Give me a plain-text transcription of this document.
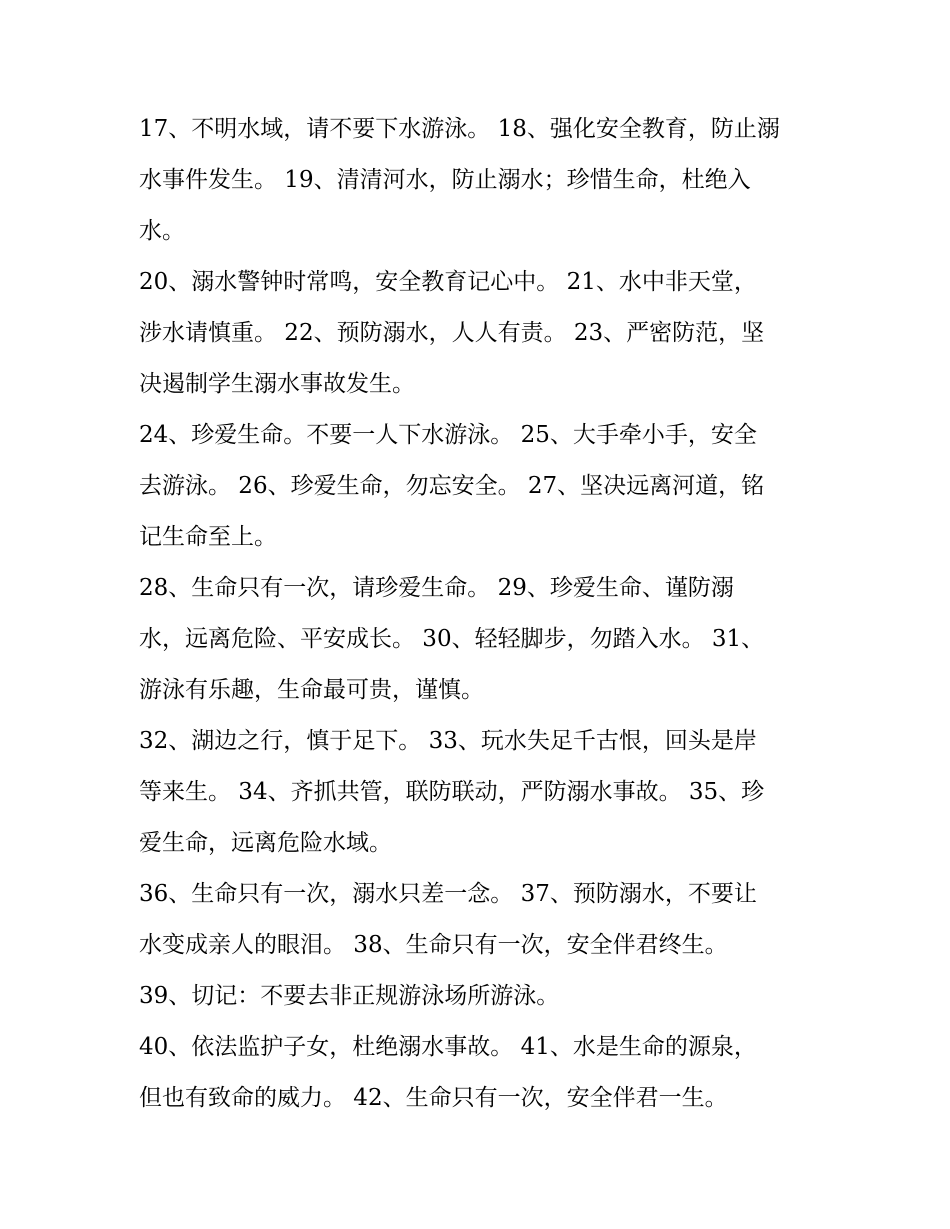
17、不明水域，请不要下水游泳。 18、强化安全教育，防止溺
水事件发生。 19、清清河水，防止溺水；珍惜生命，杜绝入
水。

20、溺水警钟时常鸣，安全教育记心中。 21、水中非天堂，
涉水请慎重。 22、预防溺水，人人有责。 23、严密防范，坚
决遏制学生溺水事故发生。

24、珍爱生命。不要一人下水游泳。 25、大手牵小手，安全
去游泳。 26、珍爱生命，勿忘安全。 27、坚决远离河道，铭
记生命至上。

28、生命只有一次，请珍爱生命。 29、珍爱生命、谨防溺
水，远离危险、平安成长。 30、轻轻脚步，勿踏入水。 31、
游泳有乐趣，生命最可贵，谨慎。

32、湖边之行，慎于足下。 33、玩水失足千古恨，回头是岸
等来生。 34、齐抓共管，联防联动，严防溺水事故。 35、珍
爱生命，远离危险水域。

36、生命只有一次，溺水只差一念。 37、预防溺水，不要让
水变成亲人的眼泪。 38、生命只有一次，安全伴君终生。

39、切记：不要去非正规游泳场所游泳。

40、依法监护子女，杜绝溺水事故。 41、水是生命的源泉，
但也有致命的威力。 42、生命只有一次，安全伴君一生。
